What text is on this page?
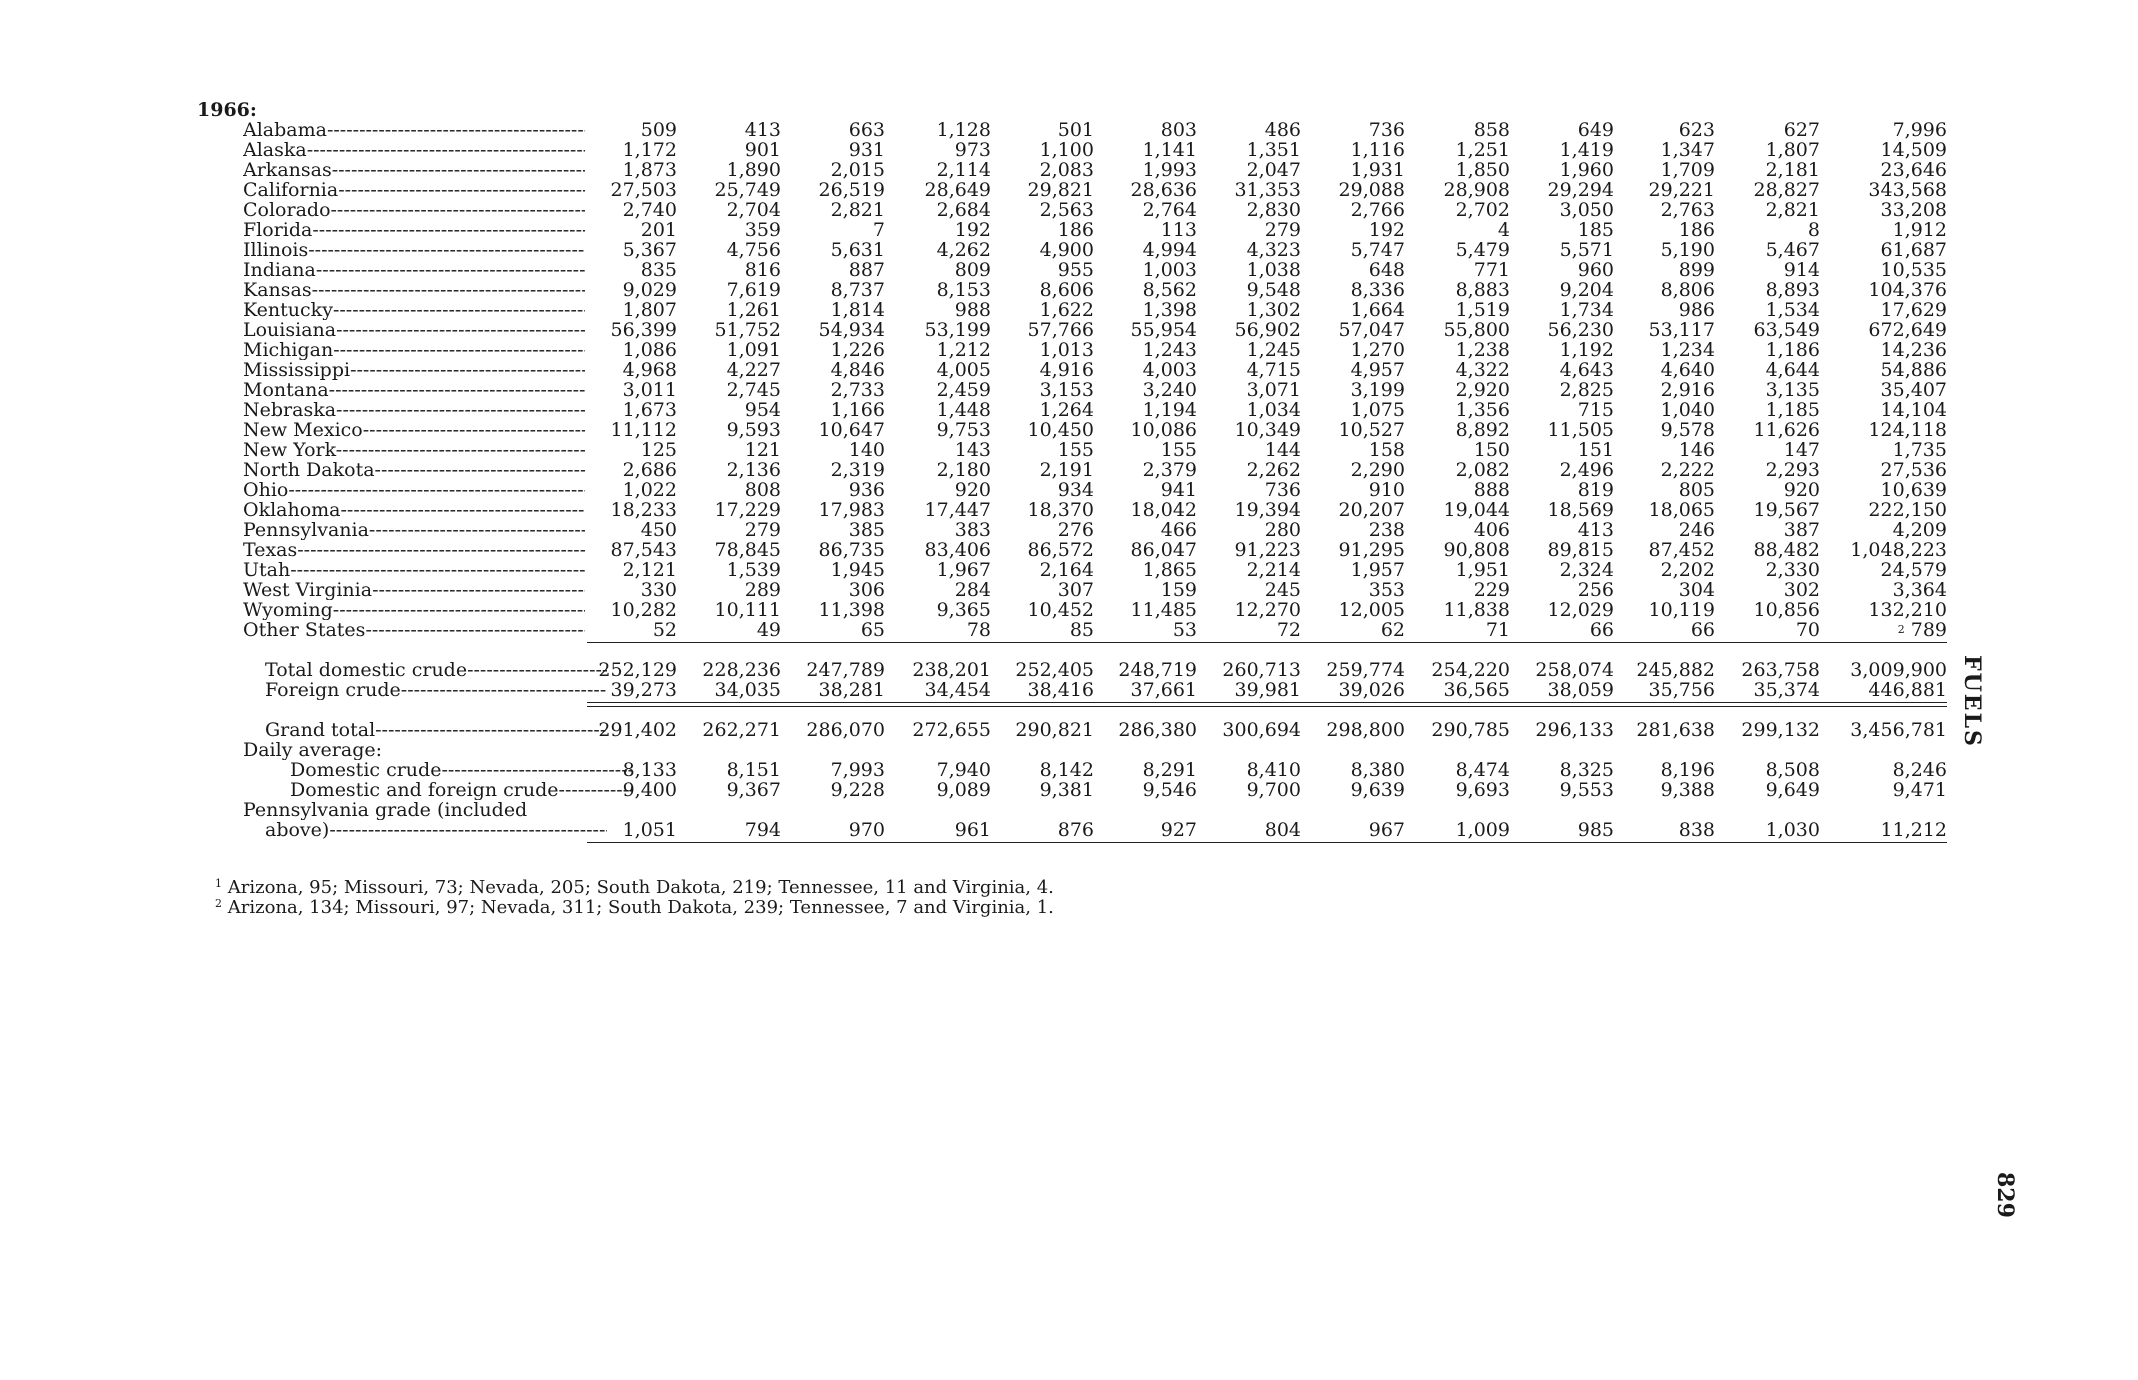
1966:
Alabama -----	509	413	663	1,128	501	803	486	736	858	649	623	627	7,996
Alaska -----	1,172	901	931	973	1,100	1,141	1,351	1,116	1,251	1,419	1,347	1,807	14,509
Arkansas -----	1,873	1,890	2,015	2,114	2,083	1,993	2,047	1,931	1,850	1,960	1,709	2,181	23,646
California -----	27,503	25,749	26,519	28,649	29,821	28,636	31,353	29,088	28,908	29,294	29,221	28,827	343,568
Colorado -----	2,740	2,704	2,821	2,684	2,563	2,764	2,830	2,766	2,702	3,050	2,763	2,821	33,208
Florida -----	201	359	7	192	186	113	279	192	4	185	186	8	1,912
Illinois -----	5,367	4,756	5,631	4,262	4,900	4,994	4,323	5,747	5,479	5,571	5,190	5,467	61,687
Indiana -----	835	816	887	809	955	1,003	1,038	648	771	960	899	914	10,535
Kansas -----	9,029	7,619	8,737	8,153	8,606	8,562	9,548	8,336	8,883	9,204	8,806	8,893	104,376
Kentucky -----	1,807	1,261	1,814	988	1,622	1,398	1,302	1,664	1,519	1,734	986	1,534	17,629
Louisiana -----	56,399	51,752	54,934	53,199	57,766	55,954	56,902	57,047	55,800	56,230	53,117	63,549	672,649
Michigan -----	1,086	1,091	1,226	1,212	1,013	1,243	1,245	1,270	1,238	1,192	1,234	1,186	14,236
Mississippi -----	4,968	4,227	4,846	4,005	4,916	4,003	4,715	4,957	4,322	4,643	4,640	4,644	54,886
Montana -----	3,011	2,745	2,733	2,459	3,153	3,240	3,071	3,199	2,920	2,825	2,916	3,135	35,407
Nebraska -----	1,673	954	1,166	1,448	1,264	1,194	1,034	1,075	1,356	715	1,040	1,185	14,104
New Mexico -----	11,112	9,593	10,647	9,753	10,450	10,086	10,349	10,527	8,892	11,505	9,578	11,626	124,118
New York -----	125	121	140	143	155	155	144	158	150	151	146	147	1,735
North Dakota -----	2,686	2,136	2,319	2,180	2,191	2,379	2,262	2,290	2,082	2,496	2,222	2,293	27,536
Ohio -----	1,022	808	936	920	934	941	736	910	888	819	805	920	10,639
Oklahoma -----	18,233	17,229	17,983	17,447	18,370	18,042	19,394	20,207	19,044	18,569	18,065	19,567	222,150
Pennsylvania -----	450	279	385	383	276	466	280	238	406	413	246	387	4,209
Texas -----	87,543	78,845	86,735	83,406	86,572	86,047	91,223	91,295	90,808	89,815	87,452	88,482 1,048,223
Utah -----	2,121	1,539	1,945	1,967	2,164	1,865	2,214	1,957	1,951	2,324	2,202	2,330	24,579
West Virginia -----	330	289	306	284	307	159	245	353	229	256	304	302	3,364
Wyoming -----	10,282	10,111	11,398	9,365	10,452	11,485	12,270	12,005	11,838	12,029	10,119	10,856	132,210
Other States -----	52	49	65	78	85	53	72	62	71	66	66	70	$^2$ 789
Total domestic crude -----	252,129	228,236	247,789	238,201	252,405	248,719	260,713	259,774	254,220	258,074	245,882	263,758 3,009,900
Foreign crude -----	39,273	34,035	38,281	34,454	38,416	37,661	39,981	39,026	36,565	38,059	35,756	35,374	446,881
Grand total -----	291,402	262,271	286,070	272,655	290,821	286,380	300,694	298,800	290,785	296,133	281,638	299,132 3,456,781
Daily average:
Domestic crude -----	8,133	8,151	7,993	7,940	8,142	8,291	8,410	8,380	8,474	8,325	8,196	8,508	8,246
Domestic and foreign crude -----	9,400	9,367	9,228	9,089	9,381	9,546	9,700	9,639	9,693	9,553	9,388	9,649	9,471
Pennsylvania grade (included
above) -----	1,051	794	970	961	876	927	804	967	1,009	985	838	1,030	11,212
$^1$ Arizona, 95; Missouri, 73; Nevada, 205; South Dakota, 219; Tennessee, 11 and Virginia, 4.
$^2$ Arizona, 134; Missouri, 97; Nevada, 311; South Dakota, 239; Tennessee, 7 and Virginia, 1.
FUELS
829
